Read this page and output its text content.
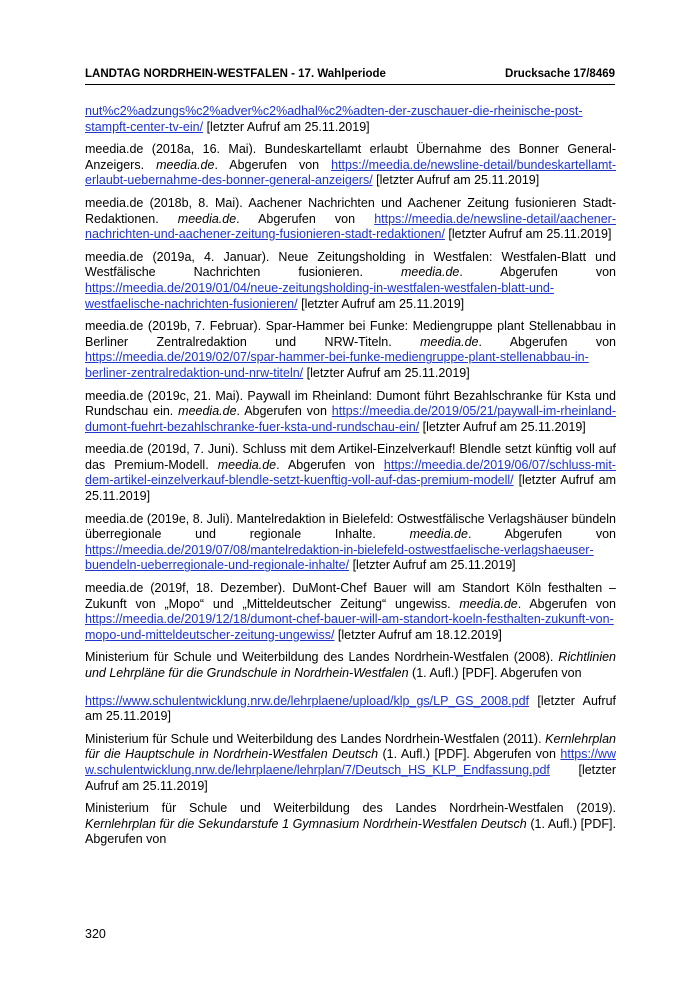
LANDTAG NORDRHEIN-WESTFALEN - 17. Wahlperiode	Drucksache 17/8469

nut%c2%adzungs%c2%adver%c2%adhal%c2%adten-der-zuschauer-die-rheinische-post-stampft-center-tv-ein/ [letzter Aufruf am 25.11.2019]

meedia.de (2018a, 16. Mai). Bundeskartellamt erlaubt Übernahme des Bonner General-Anzeigers. meedia.de. Abgerufen von https://meedia.de/newsline-detail/bundeskartellamt-erlaubt-uebernahme-des-bonner-general-anzeigers/ [letzter Aufruf am 25.11.2019]

meedia.de (2018b, 8. Mai). Aachener Nachrichten und Aachener Zeitung fusionieren Stadt-Redaktionen. meedia.de. Abgerufen von https://meedia.de/newsline-detail/aachener-nachrichten-und-aachener-zeitung-fusionieren-stadt-redaktionen/ [letzter Aufruf am 25.11.2019]

meedia.de (2019a, 4. Januar). Neue Zeitungsholding in Westfalen: Westfalen-Blatt und Westfälische Nachrichten fusionieren. meedia.de. Abgerufen von https://meedia.de/2019/01/04/neue-zeitungsholding-in-westfalen-westfalen-blatt-und-westfaelische-nachrichten-fusionieren/ [letzter Aufruf am 25.11.2019]

meedia.de (2019b, 7. Februar). Spar-Hammer bei Funke: Mediengruppe plant Stellenabbau in Berliner Zentralredaktion und NRW-Titeln. meedia.de. Abgerufen von https://meedia.de/2019/02/07/spar-hammer-bei-funke-mediengruppe-plant-stellenabbau-in-berliner-zentralredaktion-und-nrw-titeln/ [letzter Aufruf am 25.11.2019]

meedia.de (2019c, 21. Mai). Paywall im Rheinland: Dumont führt Bezahlschranke für Ksta und Rundschau ein. meedia.de. Abgerufen von https://meedia.de/2019/05/21/paywall-im-rheinland-dumont-fuehrt-bezahlschranke-fuer-ksta-und-rundschau-ein/ [letzter Aufruf am 25.11.2019]

meedia.de (2019d, 7. Juni). Schluss mit dem Artikel-Einzelverkauf! Blendle setzt künftig voll auf das Premium-Modell. meedia.de. Abgerufen von https://meedia.de/2019/06/07/schluss-mit-dem-artikel-einzelverkauf-blendle-setzt-kuenftig-voll-auf-das-premium-modell/ [letzter Aufruf am 25.11.2019]

meedia.de (2019e, 8. Juli). Mantelredaktion in Bielefeld: Ostwestfälische Verlagshäuser bündeln überregionale und regionale Inhalte. meedia.de. Abgerufen von https://meedia.de/2019/07/08/mantelredaktion-in-bielefeld-ostwestfaelische-verlagshaeuser-buendeln-ueberregionale-und-regionale-inhalte/ [letzter Aufruf am 25.11.2019]

meedia.de (2019f, 18. Dezember). DuMont-Chef Bauer will am Standort Köln festhalten – Zukunft von „Mopo“ und „Mitteldeutscher Zeitung“ ungewiss. meedia.de. Abgerufen von https://meedia.de/2019/12/18/dumont-chef-bauer-will-am-standort-koeln-festhalten-zukunft-von-mopo-und-mitteldeutscher-zeitung-ungewiss/ [letzter Aufruf am 18.12.2019]

Ministerium für Schule und Weiterbildung des Landes Nordrhein-Westfalen (2008). Richtlinien und Lehrpläne für die Grundschule in Nordrhein-Westfalen (1. Aufl.) [PDF]. Abgerufen von
https://www.schulentwicklung.nrw.de/lehrplaene/upload/klp_gs/LP_GS_2008.pdf [letzter Aufruf am 25.11.2019]

Ministerium für Schule und Weiterbildung des Landes Nordrhein-Westfalen (2011). Kernlehrplan für die Hauptschule in Nordrhein-Westfalen Deutsch (1. Aufl.) [PDF]. Abgerufen von https://www.schulentwicklung.nrw.de/lehrplaene/lehrplan/7/Deutsch_HS_KLP_Endfassung.pdf [letzter Aufruf am 25.11.2019]

Ministerium für Schule und Weiterbildung des Landes Nordrhein-Westfalen (2019). Kernlehrplan für die Sekundarstufe 1 Gymnasium Nordrhein-Westfalen Deutsch (1. Aufl.) [PDF]. Abgerufen von

320
